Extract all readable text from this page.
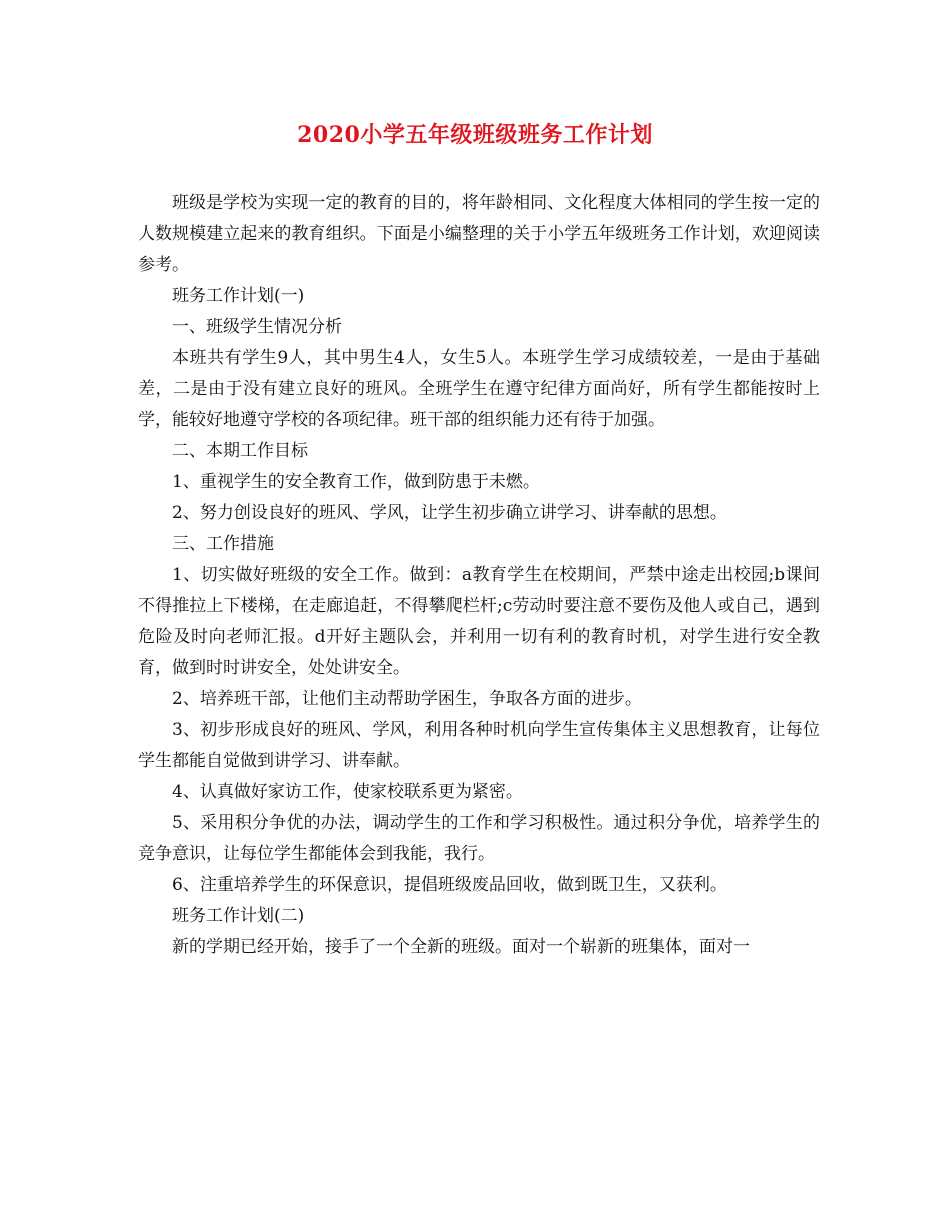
2020小学五年级班级班务工作计划

班级是学校为实现一定的教育的目的，将年龄相同、文化程度大体相同的学生按一定的人数规模建立起来的教育组织。下面是小编整理的关于小学五年级班务工作计划，欢迎阅读参考。

班务工作计划(一)

一、班级学生情况分析

本班共有学生9人，其中男生4人，女生5人。本班学生学习成绩较差，一是由于基础差，二是由于没有建立良好的班风。全班学生在遵守纪律方面尚好，所有学生都能按时上学，能较好地遵守学校的各项纪律。班干部的组织能力还有待于加强。

二、本期工作目标

1、重视学生的安全教育工作，做到防患于未燃。

2、努力创设良好的班风、学风，让学生初步确立讲学习、讲奉献的思想。

三、工作措施

1、切实做好班级的安全工作。做到：a教育学生在校期间，严禁中途走出校园;b课间不得推拉上下楼梯，在走廊追赶，不得攀爬栏杆;c劳动时要注意不要伤及他人或自己，遇到危险及时向老师汇报。d开好主题队会，并利用一切有利的教育时机，对学生进行安全教育，做到时时讲安全，处处讲安全。

2、培养班干部，让他们主动帮助学困生，争取各方面的进步。

3、初步形成良好的班风、学风，利用各种时机向学生宣传集体主义思想教育，让每位学生都能自觉做到讲学习、讲奉献。

4、认真做好家访工作，使家校联系更为紧密。

5、采用积分争优的办法，调动学生的工作和学习积极性。通过积分争优，培养学生的竞争意识，让每位学生都能体会到我能，我行。

6、注重培养学生的环保意识，提倡班级废品回收，做到既卫生，又获利。

班务工作计划(二)

新的学期已经开始，接手了一个全新的班级。面对一个崭新的班集体，面对一
